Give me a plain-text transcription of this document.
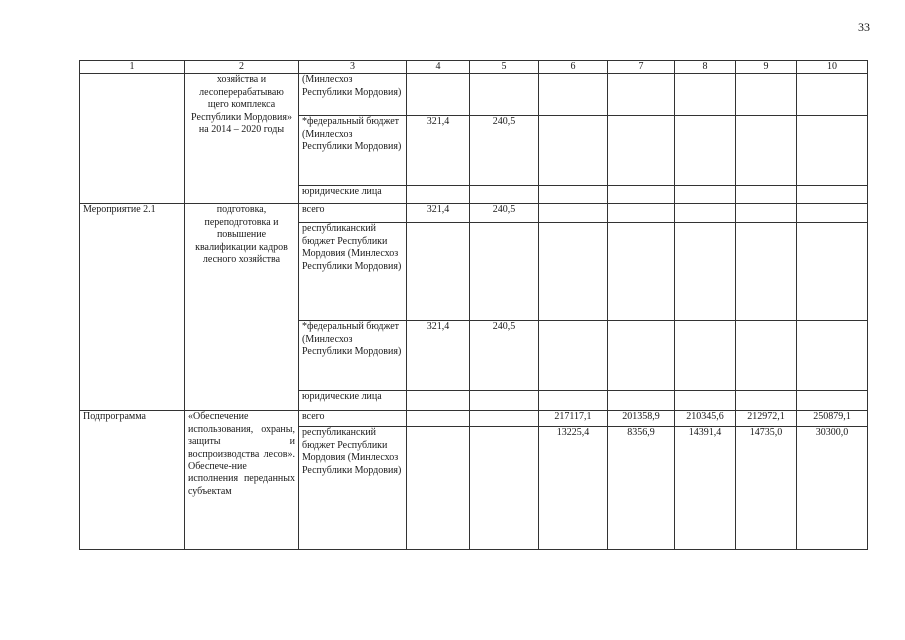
33
1	2	3	4	5	6	7	8	9	10
	хозяйства и лесоперерабатываю щего комплекса Республики Мордовия» на 2014 – 2020 годы	(Минлесхоз Республики Мордовия)							
		*федеральный бюджет (Минлесхоз Республики Мордовия)	321,4	240,5					
		юридические лица							
Мероприятие 2.1	подготовка, переподготовка и повышение квалификации кадров лесного хозяйства	всего	321,4	240,5					
		республиканский бюджет Республики Мордовия (Минлесхоз Республики Мордовия)							
		*федеральный бюджет (Минлесхоз Республики Мордовия)	321,4	240,5					
		юридические лица							
Подпрограмма	«Обеспечение использования, охраны, защиты и воспроизводства лесов». Обеспече-ние исполнения переданных субъектам	всего			217117,1	201358,9	210345,6	212972,1	250879,1
		республиканский бюджет Республики Мордовия (Минлесхоз Республики Мордовия)			13225,4	8356,9	14391,4	14735,0	30300,0
